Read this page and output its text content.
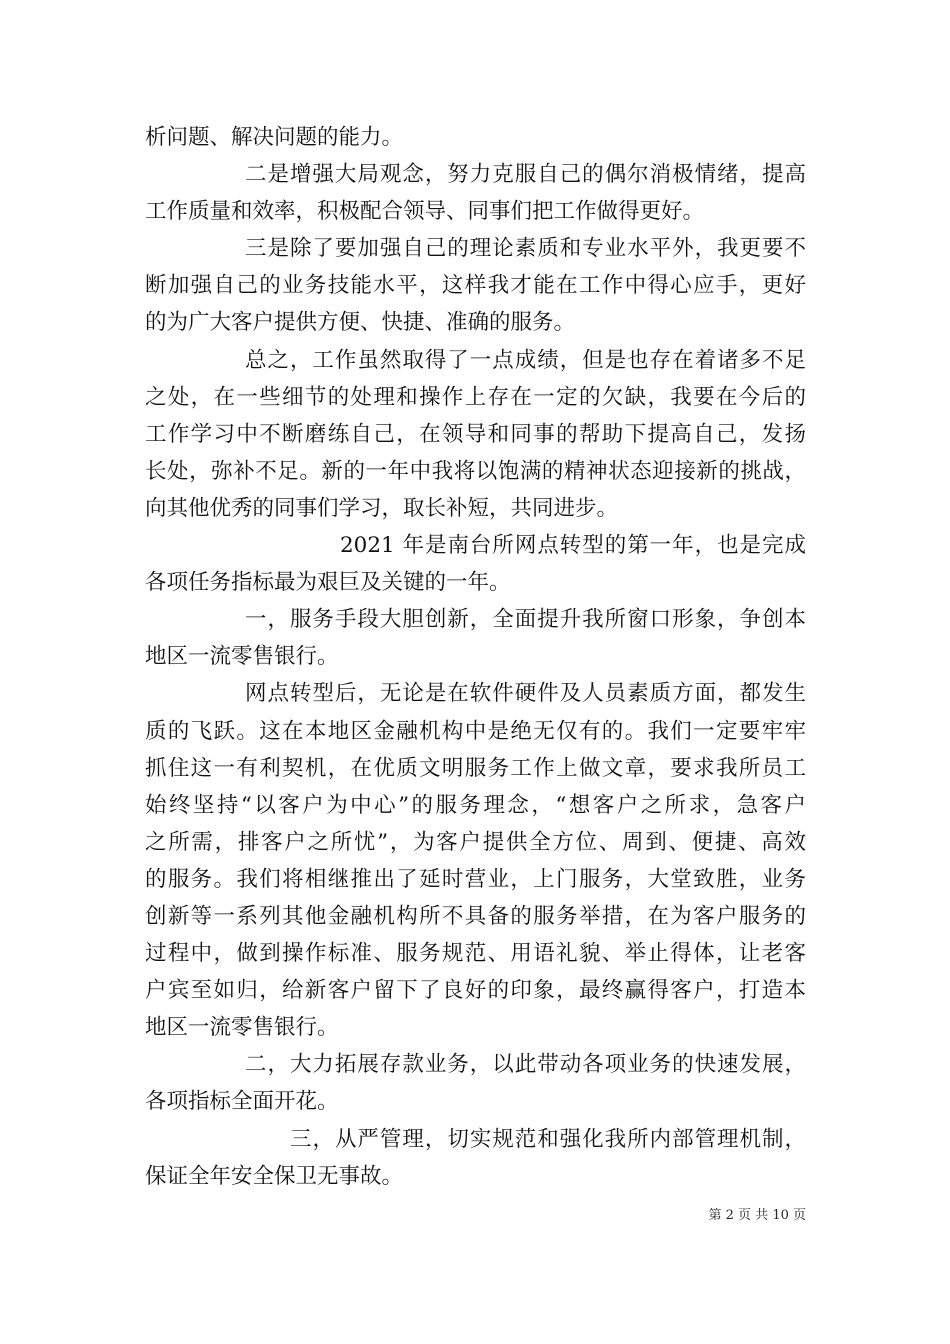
析问题、解决问题的能力。
二是增强大局观念，努力克服自己的偶尔消极情绪，提高
工作质量和效率，积极配合领导、同事们把工作做得更好。
三是除了要加强自己的理论素质和专业水平外，我更要不
断加强自己的业务技能水平，这样我才能在工作中得心应手，更好
的为广大客户提供方便、快捷、准确的服务。
总之，工作虽然取得了一点成绩，但是也存在着诸多不足
之处，在一些细节的处理和操作上存在一定的欠缺，我要在今后的
工作学习中不断磨练自己，在领导和同事的帮助下提高自己，发扬
长处，弥补不足。新的一年中我将以饱满的精神状态迎接新的挑战，
向其他优秀的同事们学习，取长补短，共同进步。
2021 年是南台所网点转型的第一年，也是完成
各项任务指标最为艰巨及关键的一年。
一，服务手段大胆创新，全面提升我所窗口形象，争创本
地区一流零售银行。
网点转型后，无论是在软件硬件及人员素质方面，都发生
质的飞跃。这在本地区金融机构中是绝无仅有的。我们一定要牢牢
抓住这一有利契机，在优质文明服务工作上做文章，要求我所员工
始终坚持“以客户为中心”的服务理念，“想客户之所求，急客户
之所需，排客户之所忧”，为客户提供全方位、周到、便捷、高效
的服务。我们将相继推出了延时营业，上门服务，大堂致胜，业务
创新等一系列其他金融机构所不具备的服务举措，在为客户服务的
过程中，做到操作标准、服务规范、用语礼貌、举止得体，让老客
户宾至如归，给新客户留下了良好的印象，最终赢得客户，打造本
地区一流零售银行。
二，大力拓展存款业务，以此带动各项业务的快速发展，
各项指标全面开花。
三，从严管理，切实规范和强化我所内部管理机制，
保证全年安全保卫无事故。
第 2 页 共 10 页
